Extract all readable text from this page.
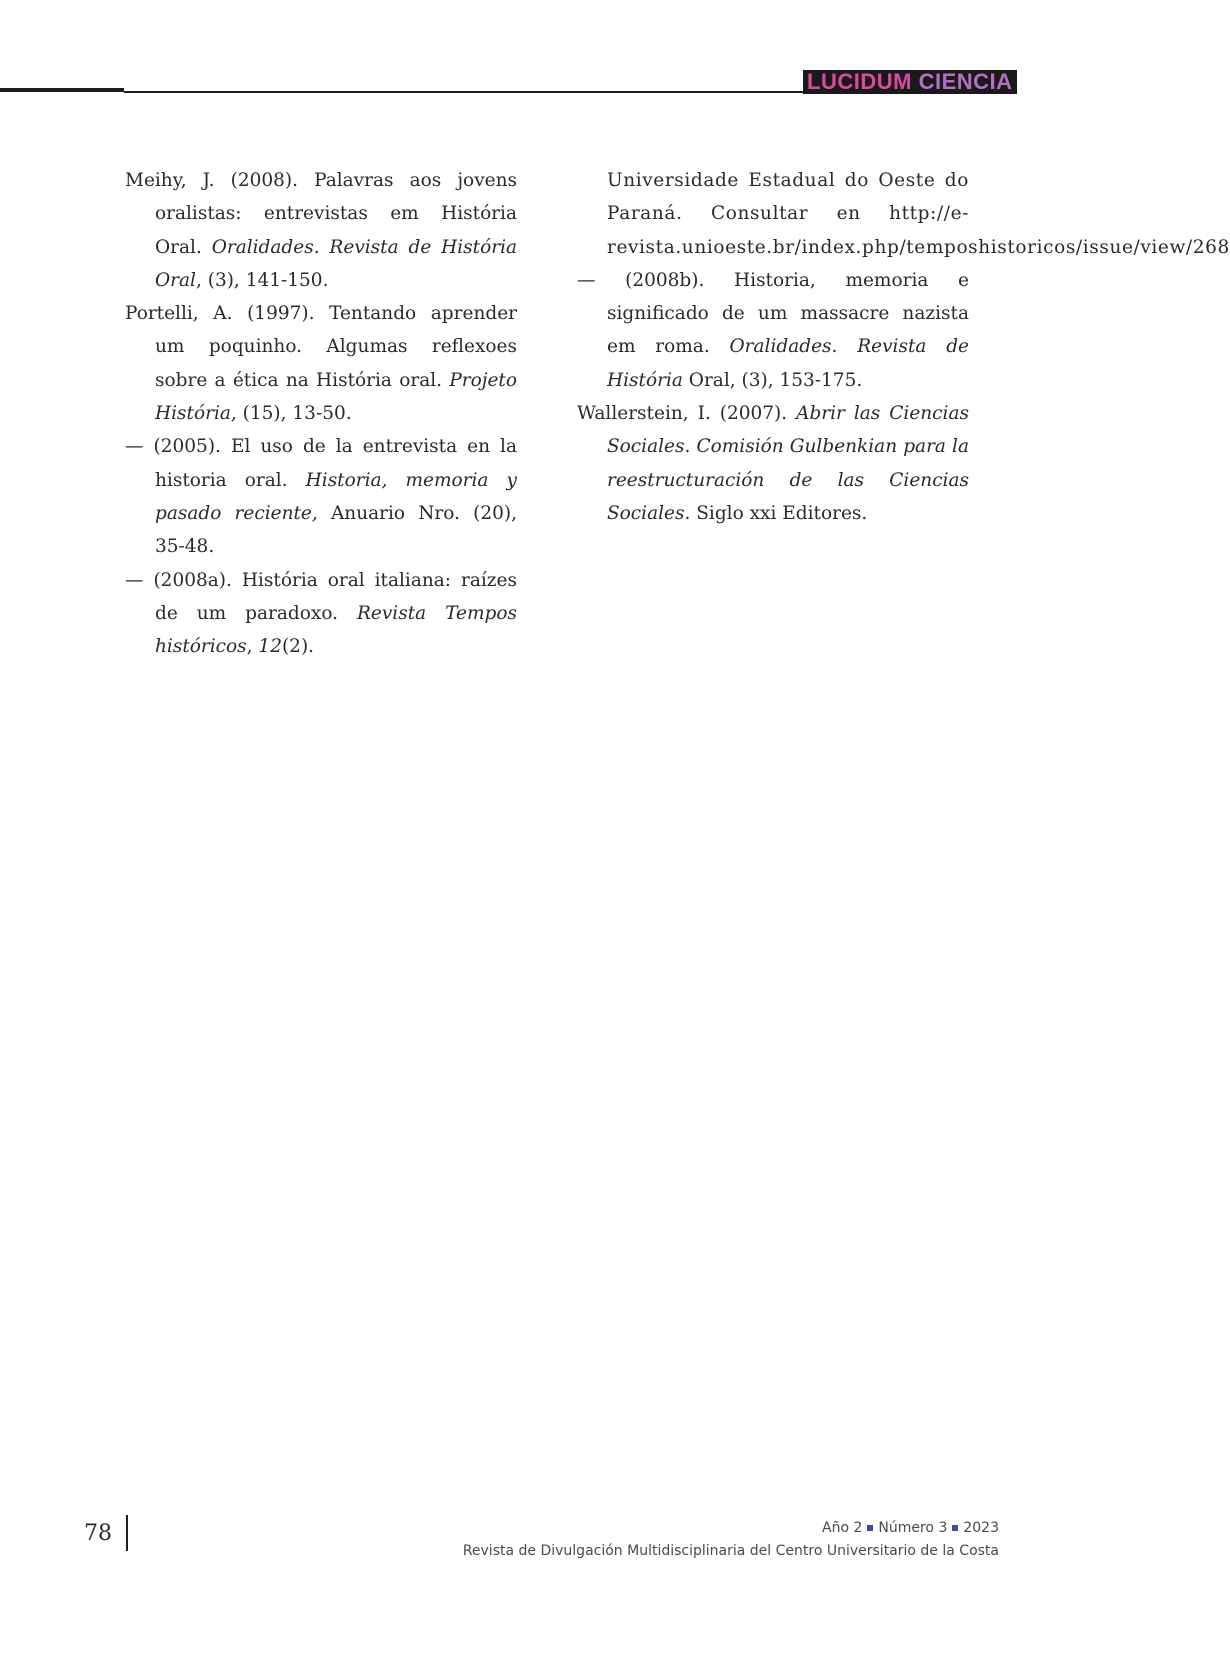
LUCIDUM CIENCIA

Meihy, J. (2008). Palavras aos jovens oralistas: entrevistas em História Oral. Oralidades. Revista de História Oral, (3), 141-150.

Portelli, A. (1997). Tentando aprender um poquinho. Algumas reflexoes sobre a ética na História oral. Projeto História, (15), 13-50.

— (2005). El uso de la entrevista en la historia oral. Historia, memoria y pasado reciente, Anuario Nro. (20), 35-48.

— (2008a). História oral italiana: raízes de um paradoxo. Revista Tempos históricos, 12(2).

Universidade Estadual do Oeste do Paraná. Consultar en http://e-revista.unioeste.br/index.php/temposhistoricos/issue/view/268

— (2008b). Historia, memoria e significado de um massacre nazista em roma. Oralidades. Revista de História Oral, (3), 153-175.

Wallerstein, I. (2007). Abrir las Ciencias Sociales. Comisión Gulbenkian para la reestructuración de las Ciencias Sociales. Siglo xxi Editores.

78	Año 2 Número 3 2023
Revista de Divulgación Multidisciplinaria del Centro Universitario de la Costa
